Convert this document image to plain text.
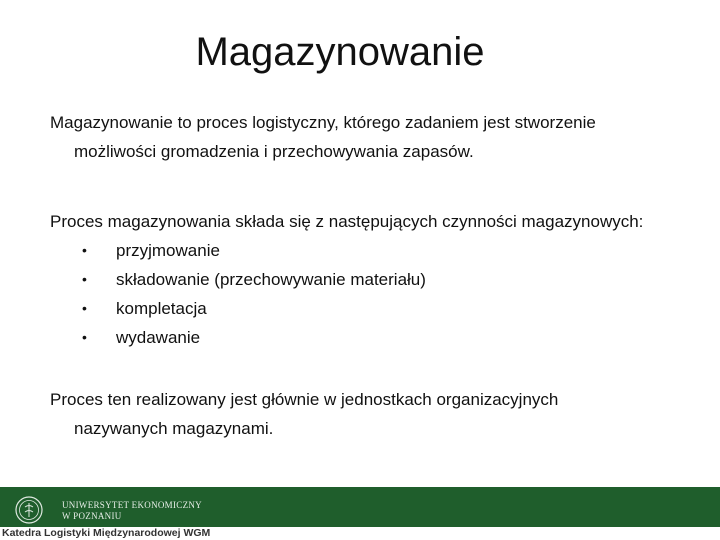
Magazynowanie

Magazynowanie to proces logistyczny, którego zadaniem jest stworzenie
możliwości gromadzenia i przechowywania zapasów.

Proces magazynowania składa się z następujących czynności magazynowych:

•	przyjmowanie
•	składowanie (przechowywanie materiału)
•	kompletacja
•	wydawanie

Proces ten realizowany jest głównie w jednostkach organizacyjnych
nazywanych magazynami.

UNIWERSYTET EKONOMICZNY
W POZNANIU
Katedra Logistyki Międzynarodowej WGM
